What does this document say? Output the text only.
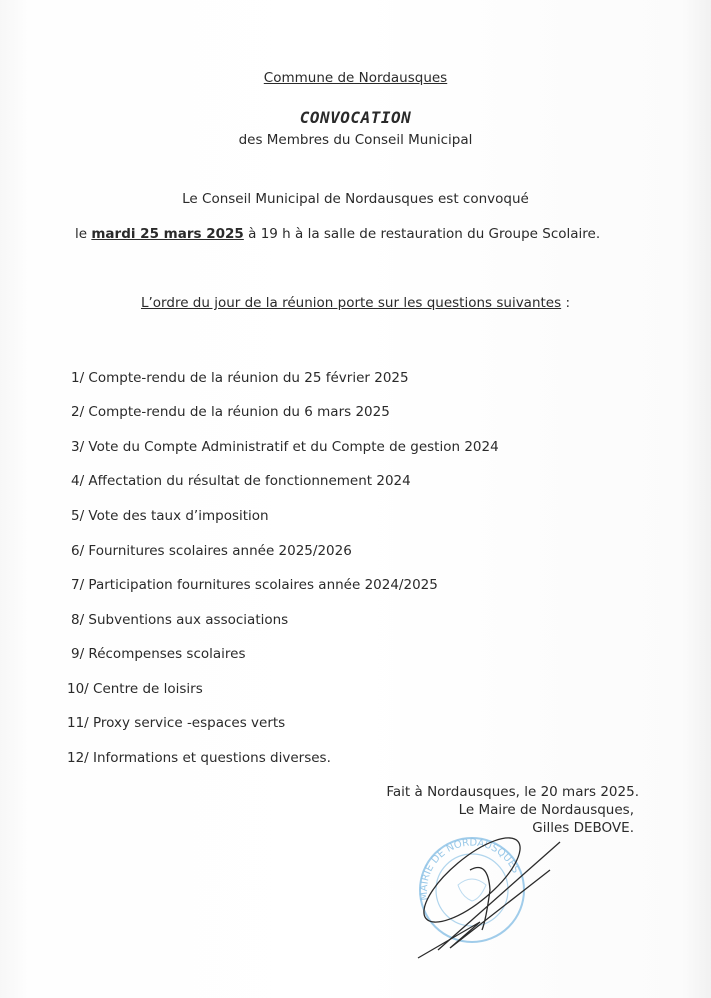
Commune de Nordausques
CONVOCATION
des Membres du Conseil Municipal
Le Conseil Municipal de Nordausques est convoqué
le mardi 25 mars 2025 à 19 h à la salle de restauration du Groupe Scolaire.
L’ordre du jour de la réunion porte sur les questions suivantes :
1/ Compte-rendu de la réunion du 25 février 2025
2/ Compte-rendu de la réunion du 6 mars 2025
3/ Vote du Compte Administratif et du Compte de gestion 2024
4/ Affectation du résultat de fonctionnement 2024
5/ Vote des taux d’imposition
6/ Fournitures scolaires année 2025/2026
7/ Participation fournitures scolaires année 2024/2025
8/ Subventions aux associations
9/ Récompenses scolaires
10/ Centre de loisirs
11/ Proxy service -espaces verts
12/ Informations et questions diverses.
Fait à Nordausques, le 20 mars 2025.
Le Maire de Nordausques,
Gilles DEBOVE.
MAIRIE DE NORDAUSQUES
